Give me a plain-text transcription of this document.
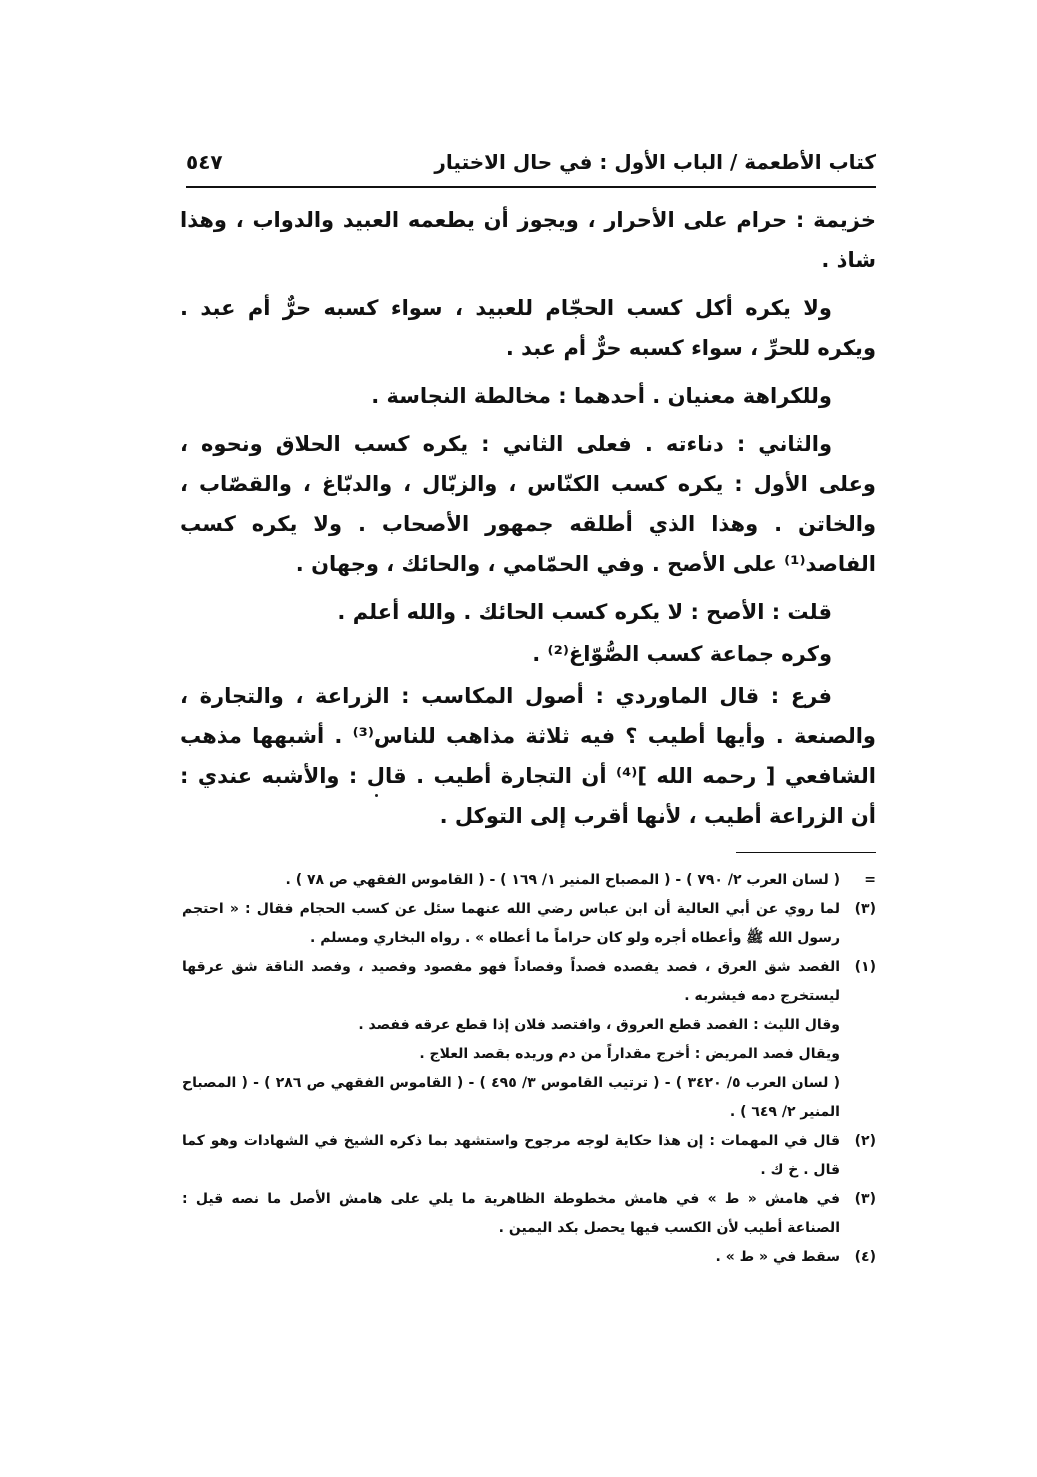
كتاب الأطعمة / الباب الأول : في حال الاختيار
٥٤٧

خزيمة : حرام على الأحرار ، ويجوز أن يطعمه العبيد والدواب ، وهذا شاذ .

ولا يكره أكل كسب الحجّام للعبيد ، سواء كسبه حرٌّ أم عبد . ويكره للحرِّ ، سواء كسبه حرٌّ أم عبد .

وللكراهة معنيان . أحدهما : مخالطة النجاسة .

والثاني : دناءته . فعلى الثاني : يكره كسب الحلاق ونحوه ، وعلى الأول : يكره كسب الكنّاس ، والزبّال ، والدبّاغ ، والقصّاب ، والخاتن . وهذا الذي أطلقه جمهور الأصحاب . ولا يكره كسب الفاصد⁽¹⁾ على الأصح . وفي الحمّامي ، والحائك ، وجهان .

قلت : الأصح : لا يكره كسب الحائك . والله أعلم .

وكره جماعة كسب الصُّوّاغ⁽²⁾ .

فرع : قال الماوردي : أصول المكاسب : الزراعة ، والتجارة ، والصنعة . وأيها أطيب ؟ فيه ثلاثة مذاهب للناس⁽³⁾ . أشبهها مذهب الشافعي [ رحمه الله ]⁽⁴⁾ أن التجارة أطيب . قال : والأشبه عندي : أن الزراعة أطيب ، لأنها أقرب إلى التوكل .

=
( لسان العرب ٢/ ٧٩٠ ) - ( المصباح المنير ١/ ١٦٩ ) - ( القاموس الفقهي ص ٧٨ ) .

(٣)
لما روي عن أبي العالية أن ابن عباس رضي الله عنهما سئل عن كسب الحجام فقال : « احتجم رسول الله ﷺ وأعطاه أجره ولو كان حراماً ما أعطاه » . رواه البخاري ومسلم .

(١)
الفصد شق العرق ، فصد يفصده فصداً وفصاداً فهو مفصود وفصيد ، وفصد الناقة شق عرقها ليستخرج دمه فيشربه .

وقال الليث : الفصد قطع العروق ، وافتصد فلان إذا قطع عرقه ففصد .

ويقال فصد المريض : أخرج مقداراً من دم وريده بقصد العلاج .

( لسان العرب ٥/ ٣٤٢٠ ) - ( ترتيب القاموس ٣/ ٤٩٥ ) - ( القاموس الفقهي ص ٢٨٦ ) - ( المصباح المنير ٢/ ٦٤٩ ) .

(٢)
قال في المهمات : إن هذا حكاية لوجه مرجوح واستشهد بما ذكره الشيخ في الشهادات وهو كما قال . خ ك .

(٣)
في هامش « ط » في هامش مخطوطة الظاهرية ما يلي على هامش الأصل ما نصه قيل : الصناعة أطيب لأن الكسب فيها يحصل بكد اليمين .

(٤)
سقط في « ط » .
